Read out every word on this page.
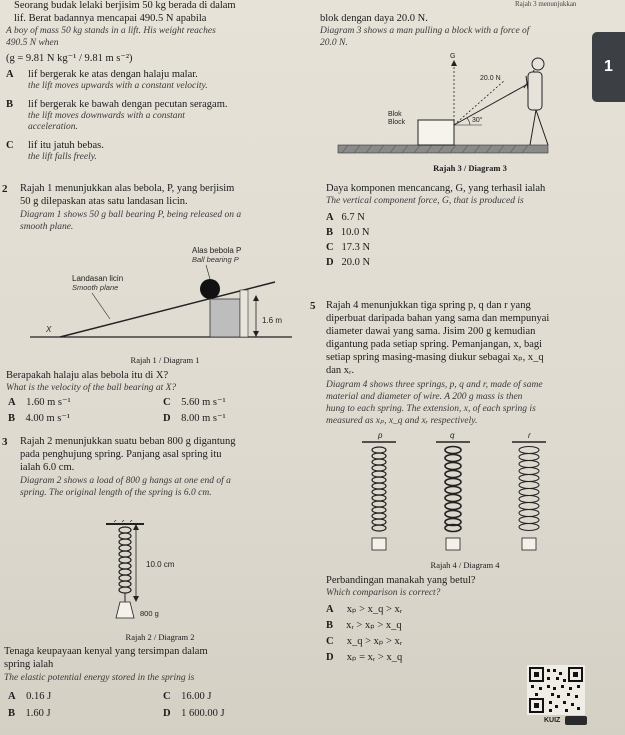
Seorang budak lelaki berjisim 50 kg berada di dalam
lif. Berat badannya mencapai 490.5 N apabila
A boy of mass 50 kg stands in a lift. His weight reaches
490.5 N when
(g = 9.81 N kg⁻¹ / 9.81 m s⁻²)
A lif bergerak ke atas dengan halaju malar.
the lift moves upwards with a constant velocity.
B lif bergerak ke bawah dengan pecutan seragam.
the lift moves downwards with a constant
acceleration.
C lif itu jatuh bebas.
the lift falls freely.
2 Rajah 1 menunjukkan alas bebola, P, yang berjisim
50 g dilepaskan atas satu landasan licin.
Diagram 1 shows 50 g ball bearing P, being released on a
smooth plane.
1.6 m
Alas bebola P
Ball bearing P
Landasan licin
Smooth plane
X
Rajah 1 / Diagram 1
Berapakah halaju alas bebola itu di X?
What is the velocity of the ball bearing at X?
A 1.60 m s⁻¹
B 4.00 m s⁻¹
C 5.60 m s⁻¹
D 8.00 m s⁻¹
3 Rajah 2 menunjukkan suatu beban 800 g digantung
pada penghujung spring. Panjang asal spring itu
ialah 6.0 cm.
Diagram 2 shows a load of 800 g hangs at one end of a
spring. The original length of the spring is 6.0 cm.
800 g
10.0 cm
Rajah 2 / Diagram 2
Tenaga keupayaan kenyal yang tersimpan dalam
spring ialah
The elastic potential energy stored in the spring is
A 0.16 J
B 1.60 J
C 16.00 J
D 1 600.00 J
Rajah 3 menunjukkan
blok dengan daya 20.0 N.
Diagram 3 shows a man pulling a block with a force of
20.0 N.
1
Blok
Block
G
20.0 N
30°
Rajah 3 / Diagram 3
Daya komponen mencancang, G, yang terhasil ialah
The vertical component force, G, that is produced is
A 6.7 N
B 10.0 N
C 17.3 N
D 20.0 N
5 Rajah 4 menunjukkan tiga spring p, q dan r yang
diperbuat daripada bahan yang sama dan mempunyai
diameter dawai yang sama. Jisim 200 g kemudian
digantung pada setiap spring. Pemanjangan, x, bagi
setiap spring masing-masing diukur sebagai xₚ, x_q
dan xᵣ.
Diagram 4 shows three springs, p, q and r, made of same
material and diameter of wire. A 200 g mass is then
hung to each spring. The extension, x, of each spring is
measured as xₚ, x_q and xᵣ respectively.
p	q	r
Rajah 4 / Diagram 4
Perbandingan manakah yang betul?
Which comparison is correct?
A xₚ > x_q > xᵣ
B xᵣ > xₚ > x_q
C x_q > xₚ > xᵣ
D xₚ = xᵣ > x_q
KUIZ
